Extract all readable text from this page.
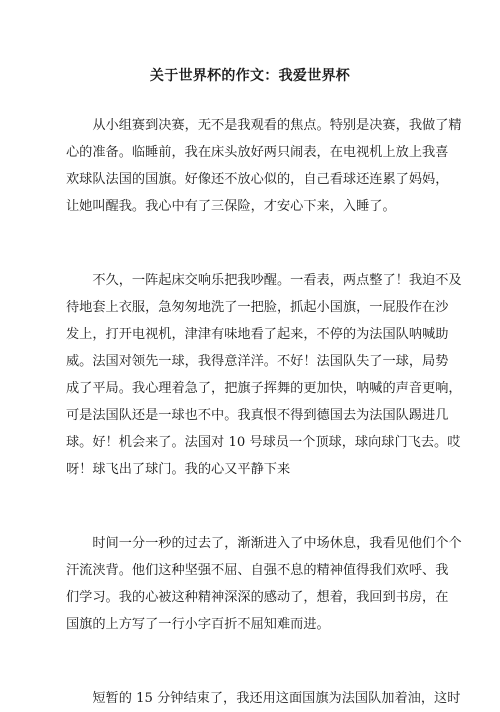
关于世界杯的作文：我爱世界杯

　　从小组赛到决赛，无不是我观看的焦点。特别是决赛，我做了精
心的准备。临睡前，我在床头放好两只闹表，在电视机上放上我喜
欢球队法国的国旗。好像还不放心似的，自己看球还连累了妈妈，
让她叫醒我。我心中有了三保险，才安心下来，入睡了。

　　不久，一阵起床交响乐把我吵醒。一看表，两点整了！我迫不及
待地套上衣服，急匆匆地洗了一把脸，抓起小国旗，一屁股作在沙
发上，打开电视机，津津有味地看了起来，不停的为法国队呐喊助
威。法国对领先一球，我得意洋洋。不好！法国队失了一球，局势
成了平局。我心理着急了，把旗子挥舞的更加快，呐喊的声音更响，
可是法国队还是一球也不中。我真恨不得到德国去为法国队踢进几
球。好！机会来了。法国对 10 号球员一个顶球，球向球门飞去。哎
呀！球飞出了球门。我的心又平静下来

　　时间一分一秒的过去了，渐渐进入了中场休息，我看见他们个个
汗流浃背。他们这种坚强不屈、自强不息的精神值得我们欢呼、我
们学习。我的心被这种精神深深的感动了，想着，我回到书房，在
国旗的上方写了一行小字百折不屈知难而进。

　　短暂的 15 分钟结束了，我还用这面国旗为法国队加着油，这时
